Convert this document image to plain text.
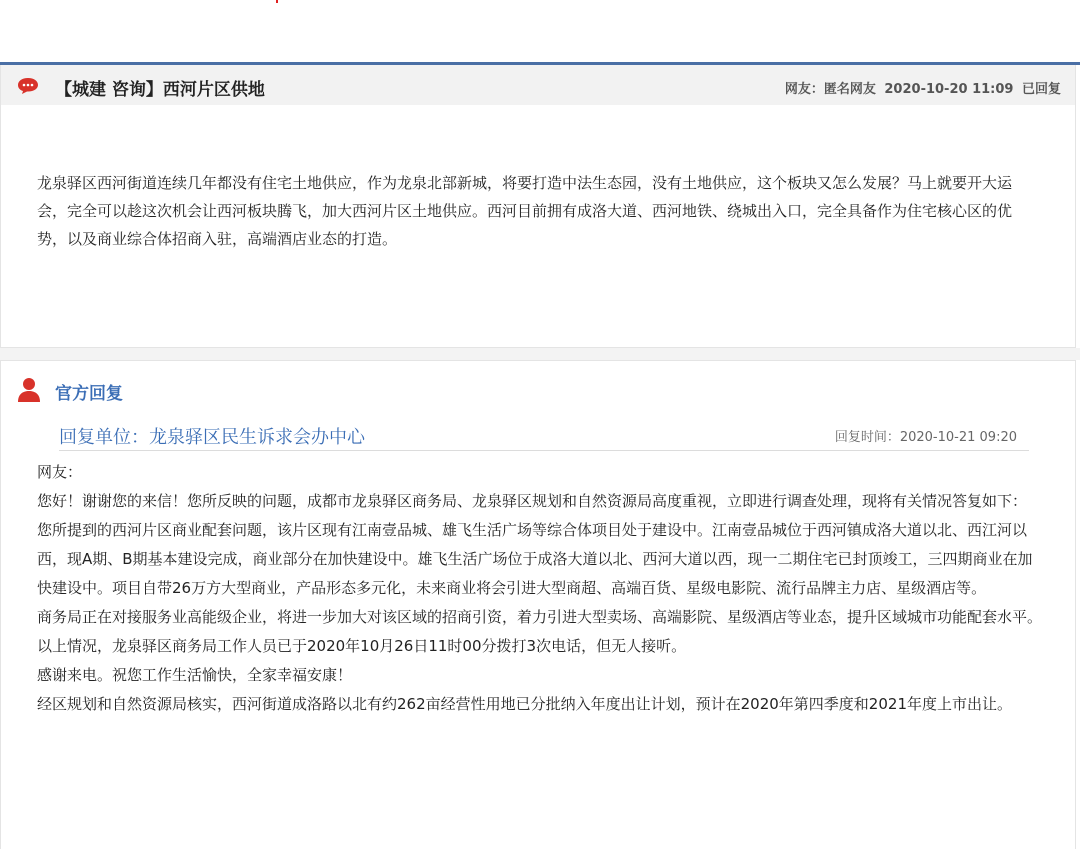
【城建 咨询】西河片区供地	网友：匿名网友 2020-10-20 11:09 已回复
龙泉驿区西河街道连续几年都没有住宅土地供应，作为龙泉北部新城，将要打造中法生态园，没有土地供应，这个板块又怎么发展？马上就要开大运会，完全可以趁这次机会让西河板块腾飞，加大西河片区土地供应。西河目前拥有成洛大道、西河地铁、绕城出入口，完全具备作为住宅核心区的优势，以及商业综合体招商入驻，高端酒店业态的打造。
官方回复
回复单位：龙泉驿区民生诉求会办中心	回复时间：2020-10-21 09:20

网友：

您好！谢谢您的来信！您所反映的问题，成都市龙泉驿区商务局、龙泉驿区规划和自然资源局高度重视，立即进行调查处理，现将有关情况答复如下：

您所提到的西河片区商业配套问题，该片区现有江南壹品城、雄飞生活广场等综合体项目处于建设中。江南壹品城位于西河镇成洛大道以北、西江河以西，现A期、B期基本建设完成，商业部分在加快建设中。雄飞生活广场位于成洛大道以北、西河大道以西，现一二期住宅已封顶竣工，三四期商业在加快建设中。项目自带26万方大型商业，产品形态多元化，未来商业将会引进大型商超、高端百货、星级电影院、流行品牌主力店、星级酒店等。

商务局正在对接服务业高能级企业，将进一步加大对该区域的招商引资，着力引进大型卖场、高端影院、星级酒店等业态，提升区域城市功能配套水平。

以上情况，龙泉驿区商务局工作人员已于2020年10月26日11时00分拨打3次电话，但无人接听。

感谢来电。祝您工作生活愉快，全家幸福安康！

经区规划和自然资源局核实，西河街道成洛路以北有约262亩经营性用地已分批纳入年度出让计划，预计在2020年第四季度和2021年度上市出让。
